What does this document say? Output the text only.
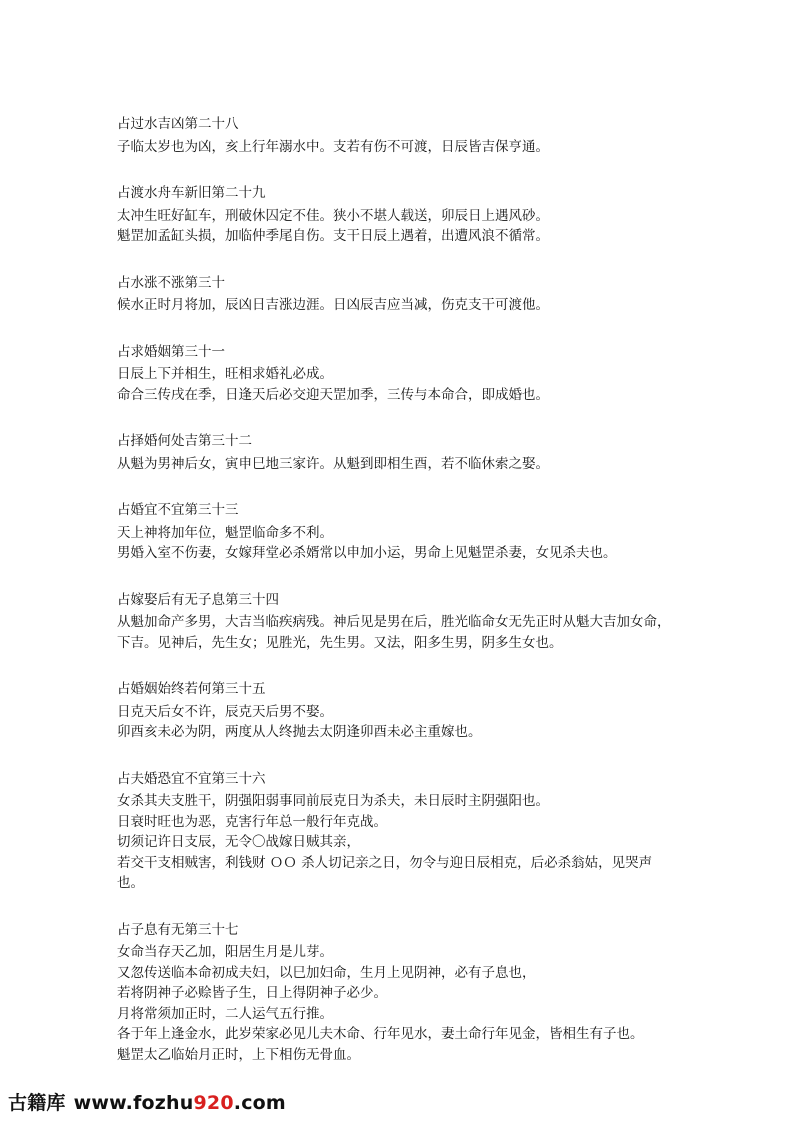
占过水吉凶第二十八

子临太岁也为凶，亥上行年溺水中。支若有伤不可渡，日辰皆吉保亨通。

占渡水舟车新旧第二十九

太冲生旺好缸车，刑破休囚定不佳。狭小不堪人载送，卯辰日上遇风砂。

魁罡加孟缸头损，加临仲季尾自伤。支干日辰上遇着，出遭风浪不循常。

占水涨不涨第三十

候水正时月将加，辰凶日吉涨边涯。日凶辰吉应当减，伤克支干可渡他。

占求婚姻第三十一

日辰上下并相生，旺相求婚礼必成。

命合三传戌在季，日逢天后必交迎天罡加季，三传与本命合，即成婚也。

占择婚何处吉第三十二

从魁为男神后女，寅申巳地三家许。从魁到即相生酉，若不临休索之娶。

占婚宜不宜第三十三

天上神将加年位，魁罡临命多不利。

男婚入室不伤妻，女嫁拜堂必杀婿常以申加小运，男命上见魁罡杀妻，女见杀夫也。

占嫁娶后有无子息第三十四

从魁加命产多男，大吉当临疾病残。神后见是男在后，胜光临命女无先正时从魁大吉加女命，下吉。见神后，先生女；见胜光，先生男。又法，阳多生男，阴多生女也。

占婚姻始终若何第三十五

日克天后女不许，辰克天后男不娶。

卯酉亥未必为阴，两度从人终抛去太阴逢卯酉未必主重嫁也。

占夫婚恐宜不宜第三十六

女杀其夫支胜干，阴强阳弱事同前辰克日为杀夫，未日辰时主阴强阳也。

日衰时旺也为恶，克害行年总一般行年克战。

切须记许日支辰，无令〇战嫁日贼其亲，

若交干支相贼害，利钱财 ＯＯ 杀人切记亲之日，勿令与迎日辰相克，后必杀翁姑，见哭声也。

占子息有无第三十七

女命当存天乙加，阳居生月是儿芽。

又忽传送临本命初成夫妇，以巳加妇命，生月上见阴神，必有子息也，

若将阴神子必赊皆子生，日上得阴神子必少。

月将常须加正时，二人运气五行推。

各于年上逢金水，此岁荣家必见儿夫木命、行年见水，妻土命行年见金，皆相生有子也。

魁罡太乙临始月正时，上下相伤无骨血。

古籍库 www.fozhu 920 .com
